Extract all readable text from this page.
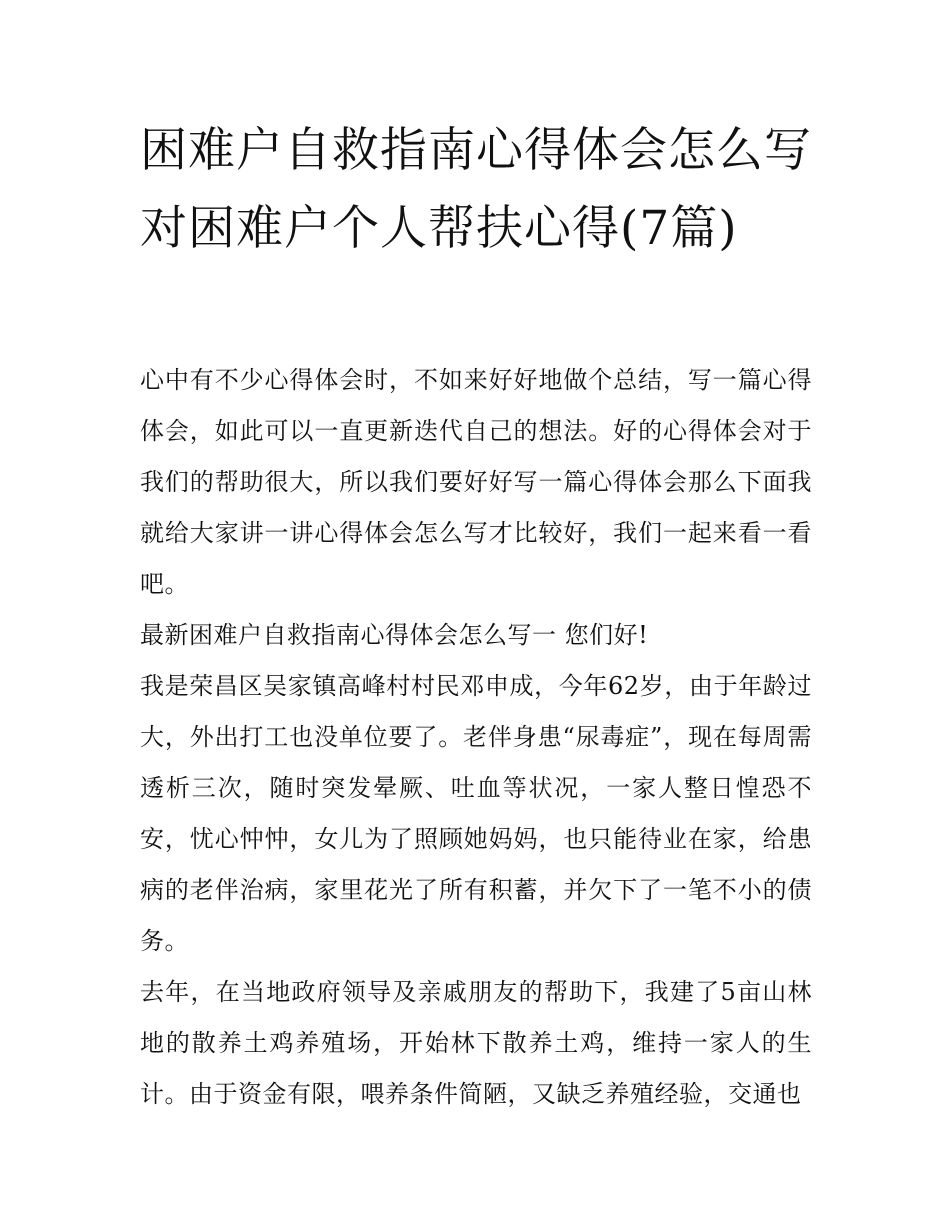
困难户自救指南心得体会怎么写 对困难户个人帮扶心得(7篇)

心中有不少心得体会时，不如来好好地做个总结，写一篇心得体会，如此可以一直更新迭代自己的想法。好的心得体会对于我们的帮助很大，所以我们要好好写一篇心得体会那么下面我就给大家讲一讲心得体会怎么写才比较好，我们一起来看一看吧。

最新困难户自救指南心得体会怎么写一 您们好!

我是荣昌区吴家镇高峰村村民邓申成，今年62岁，由于年龄过大，外出打工也没单位要了。老伴身患“尿毒症”，现在每周需透析三次，随时突发晕厥、吐血等状况，一家人整日惶恐不安，忧心忡忡，女儿为了照顾她妈妈，也只能待业在家，给患病的老伴治病，家里花光了所有积蓄，并欠下了一笔不小的债务。

去年，在当地政府领导及亲戚朋友的帮助下，我建了5亩山林地的散养土鸡养殖场，开始林下散养土鸡，维持一家人的生计。由于资金有限，喂养条件简陋，又缺乏养殖经验，交通也
